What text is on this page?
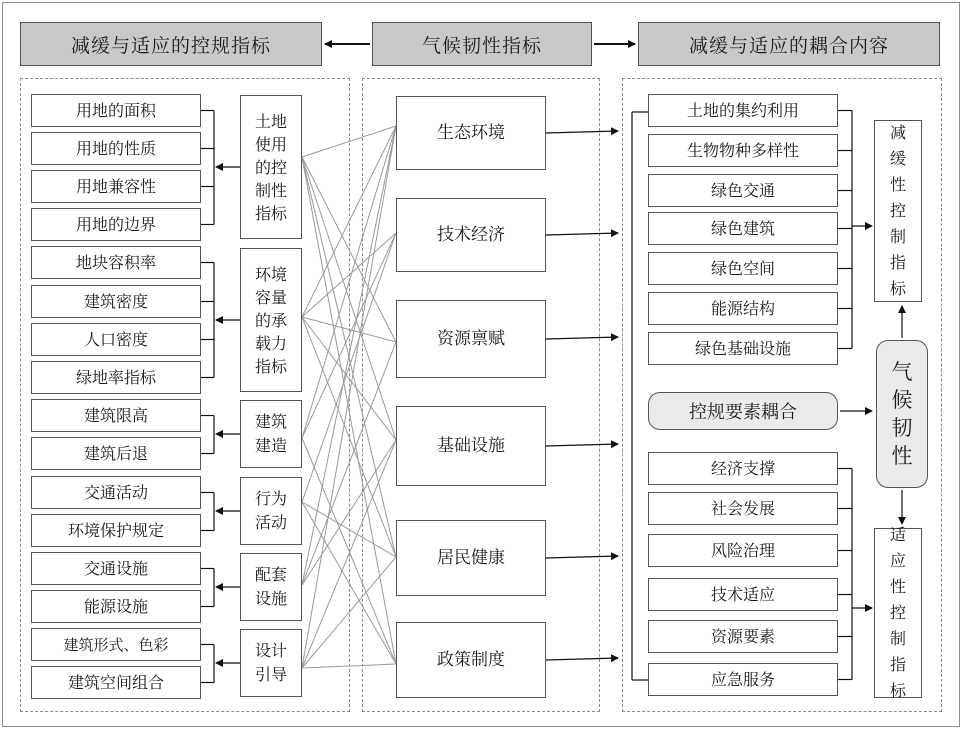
减缓与适应的控规指标	气候韧性指标	减缓与适应的耦合内容
用地的面积
用地的性质
用地兼容性
用地的边界
地块容积率
建筑密度
人口密度
绿地率指标
建筑限高
建筑后退
交通活动
环境保护规定
交通设施
能源设施
建筑形式、色彩
建筑空间组合
土地使用的控制性指标
环境容量的承载力指标
建筑建造
行为活动
配套设施
设计引导
生态环境
技术经济
资源禀赋
基础设施
居民健康
政策制度
土地的集约利用
生物物种多样性
绿色交通
绿色建筑
绿色空间
能源结构
绿色基础设施
经济支撑
社会发展
风险治理
技术适应
资源要素
应急服务
减缓性控制指标
适应性控制指标
控规要素耦合
气候韧性
